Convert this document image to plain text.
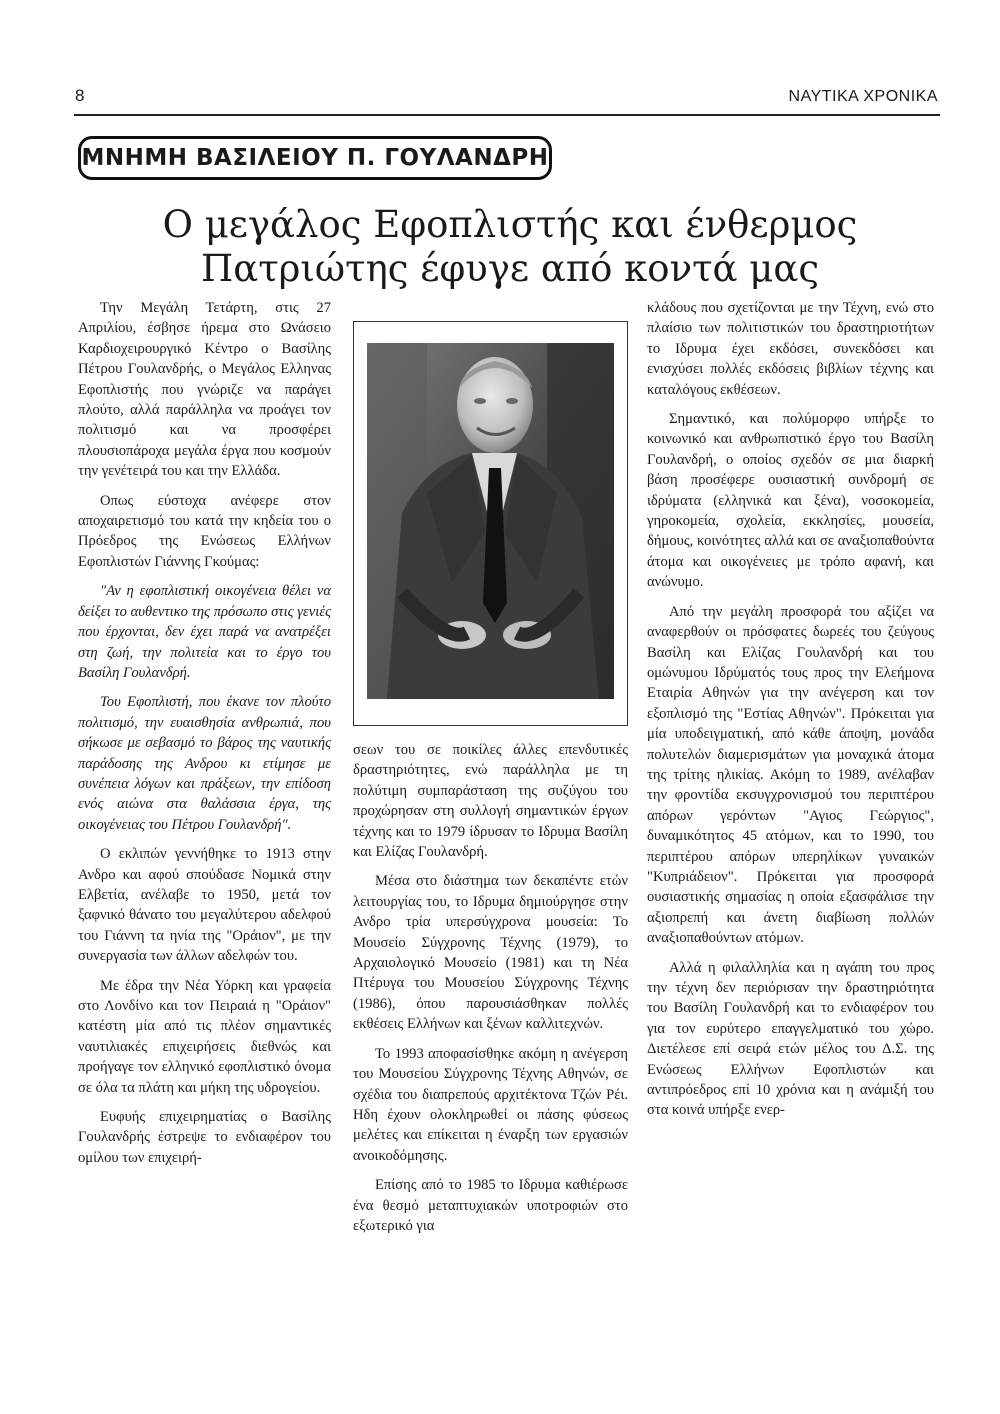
8	ΝΑΥΤΙΚΑ ΧΡΟΝΙΚΑ
ΜΝΗΜΗ ΒΑΣΙΛΕΙΟΥ Π. ΓΟΥΛΑΝΔΡΗ
Ο μεγάλος Εφοπλιστής και ένθερμος
Πατριώτης έφυγε από κοντά μας

Την Μεγάλη Τετάρτη, στις 27 Απριλίου, έσβησε ήρεμα στο Ωνάσειο Καρδιοχειρουργικό Κέντρο ο Βασίλης Πέτρου Γουλανδρής, ο Μεγάλος Ελληνας Εφοπλιστής που γνώριζε να παράγει πλούτο, αλλά παράλληλα να προάγει τον πολιτισμό και να προσφέρει πλουσιοπάροχα μεγάλα έργα που κοσμούν την γενέτειρά του και την Ελλάδα.

Οπως εύστοχα ανέφερε στον αποχαιρετισμό του κατά την κηδεία του ο Πρόεδρος της Ενώσεως Ελλήνων Εφοπλιστών Γιάννης Γκούμας:

"Αν η εφοπλιστική οικογένεια θέλει να δείξει το αυθεντικο της πρόσωπο στις γενιές που έρχονται, δεν έχει παρά να ανατρέξει στη ζωή, την πολιτεία και το έργο του Βασίλη Γουλανδρή.

Του Εφοπλιστή, που έκανε τον πλούτο πολιτισμό, την ευαισθησία ανθρωπιά, που σήκωσε με σεβασμό το βάρος της ναυτικής παράδοσης της Ανδρου κι ετίμησε με συνέπεια λόγων και πράξεων, την επίδοση ενός αιώνα στα θαλάσσια έργα, της οικογένειας του Πέτρου Γουλανδρή".

Ο εκλιπών γεννήθηκε το 1913 στην Ανδρο και αφού σπούδασε Νομικά στην Ελβετία, ανέλαβε το 1950, μετά τον ξαφνικό θάνατο του μεγαλύτερου αδελφού του Γιάννη τα ηνία της "Οράιον", με την συνεργασία των άλλων αδελφών του.

Με έδρα την Νέα Υόρκη και γραφεία στο Λονδίνο και τον Πειραιά η "Οράιον" κατέστη μία από τις πλέον σημαντικές ναυτιλιακές επιχειρήσεις διεθνώς και προήγαγε τον ελληνικό εφοπλιστικό όνομα σε όλα τα πλάτη και μήκη της υδρογείου.

Ευφυής επιχειρηματίας ο Βασίλης Γουλανδρής έστρεψε το ενδιαφέρον του ομίλου των επιχειρή-

σεων του σε ποικίλες άλλες επενδυτικές δραστηριότητες, ενώ παράλληλα με τη πολύτιμη συμπαράσταση της συζύγου του προχώρησαν στη συλλογή σημαντικών έργων τέχνης και το 1979 ίδρυσαν το Ιδρυμα Βασίλη και Ελίζας Γουλανδρή.

Μέσα στο διάστημα των δεκαπέντε ετών λειτουργίας του, το Ιδρυμα δημιούργησε στην Ανδρο τρία υπερσύγχρονα μουσεία: Το Μουσείο Σύγχρονης Τέχνης (1979), το Αρχαιολογικό Μουσείο (1981) και τη Νέα Πτέρυγα του Μουσείου Σύγχρονης Τέχνης (1986), όπου παρουσιάσθηκαν πολλές εκθέσεις Ελλήνων και ξένων καλλιτεχνών.

Το 1993 αποφασίσθηκε ακόμη η ανέγερση του Μουσείου Σύγχρονης Τέχνης Αθηνών, σε σχέδια του διαπρεπούς αρχιτέκτονα Τζών Ρέι. Ηδη έχουν ολοκληρωθεί οι πάσης φύσεως μελέτες και επίκειται η έναρξη των εργασιών ανοικοδόμησης.

Επίσης από το 1985 το Ιδρυμα καθιέρωσε ένα θεσμό μεταπτυχιακών υποτροφιών στο εξωτερικό για

κλάδους που σχετίζονται με την Τέχνη, ενώ στο πλαίσιο των πολιτιστικών του δραστηριοτήτων το Ιδρυμα έχει εκδόσει, συνεκδόσει και ενισχύσει πολλές εκδόσεις βιβλίων τέχνης και καταλόγους εκθέσεων.

Σημαντικό, και πολύμορφο υπήρξε το κοινωνικό και ανθρωπιστικό έργο του Βασίλη Γουλανδρή, ο οποίος σχεδόν σε μια διαρκή βάση προσέφερε ουσιαστική συνδρομή σε ιδρύματα (ελληνικά και ξένα), νοσοκομεία, γηροκομεία, σχολεία, εκκλησίες, μουσεία, δήμους, κοινότητες αλλά και σε αναξιοπαθούντα άτομα και οικογένειες με τρόπο αφανή, και ανώνυμο.

Από την μεγάλη προσφορά του αξίζει να αναφερθούν οι πρόσφατες δωρεές του ζεύγους Βασίλη και Ελίζας Γουλανδρή και του ομώνυμου Ιδρύματός τους προς την Ελεήμονα Εταιρία Αθηνών για την ανέγερση και τον εξοπλισμό της "Εστίας Αθηνών". Πρόκειται για μία υποδειγματική, από κάθε άποψη, μονάδα πολυτελών διαμερισμάτων για μοναχικά άτομα της τρίτης ηλικίας. Ακόμη το 1989, ανέλαβαν την φροντίδα εκσυγχρονισμού του περιπτέρου απόρων γερόντων "Αγιος Γεώργιος", δυναμικότητος 45 ατόμων, και το 1990, του περιπτέρου απόρων υπερηλίκων γυναικών "Κυπριάδειον". Πρόκειται για προσφορά ουσιαστικής σημασίας η οποία εξασφάλισε την αξιοπρεπή και άνετη διαβίωση πολλών αναξιοπαθούντων ατόμων.

Αλλά η φιλαλληλία και η αγάπη του προς την τέχνη δεν περιόρισαν την δραστηριότητα του Βασίλη Γουλανδρή και το ενδιαφέρον του για τον ευρύτερο επαγγελματικό του χώρο. Διετέλεσε επί σειρά ετών μέλος του Δ.Σ. της Ενώσεως Ελλήνων Εφοπλιστών και αντιπρόεδρος επί 10 χρόνια και η ανάμιξή του στα κοινά υπήρξε ενερ-
